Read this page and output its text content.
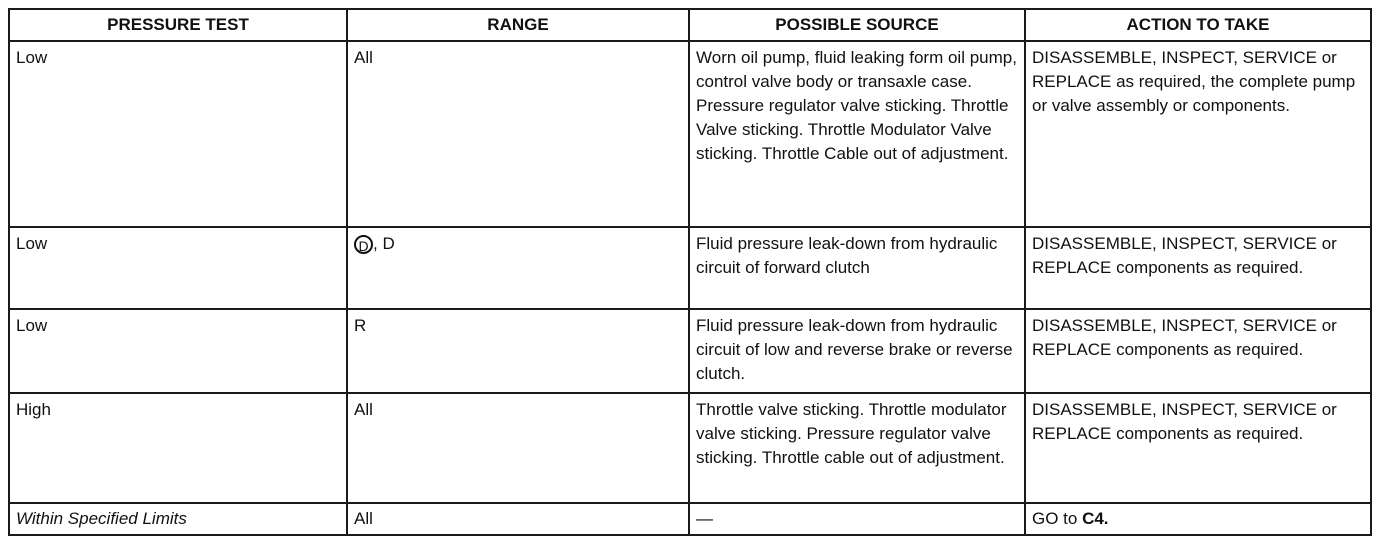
PRESSURE TEST	RANGE	POSSIBLE SOURCE	ACTION TO TAKE
Low	All	Worn oil pump, fluid leaking form oil pump, control valve body or transaxle case. Pressure regulator valve sticking. Throttle Valve sticking. Throttle Modulator Valve sticking. Throttle Cable out of adjustment.	DISASSEMBLE, INSPECT, SERVICE or REPLACE as required, the complete pump or valve assembly or components.
Low	D , D	Fluid pressure leak-down from hydraulic circuit of forward clutch	DISASSEMBLE, INSPECT, SERVICE or REPLACE components as required.
Low	R	Fluid pressure leak-down from hydraulic circuit of low and reverse brake or reverse clutch.	DISASSEMBLE, INSPECT, SERVICE or REPLACE components as required.
High	All	Throttle valve sticking. Throttle modulator valve sticking. Pressure regulator valve sticking. Throttle cable out of adjustment.	DISASSEMBLE, INSPECT, SERVICE or REPLACE components as required.
Within Specified Limits	All	—	GO to C4.
